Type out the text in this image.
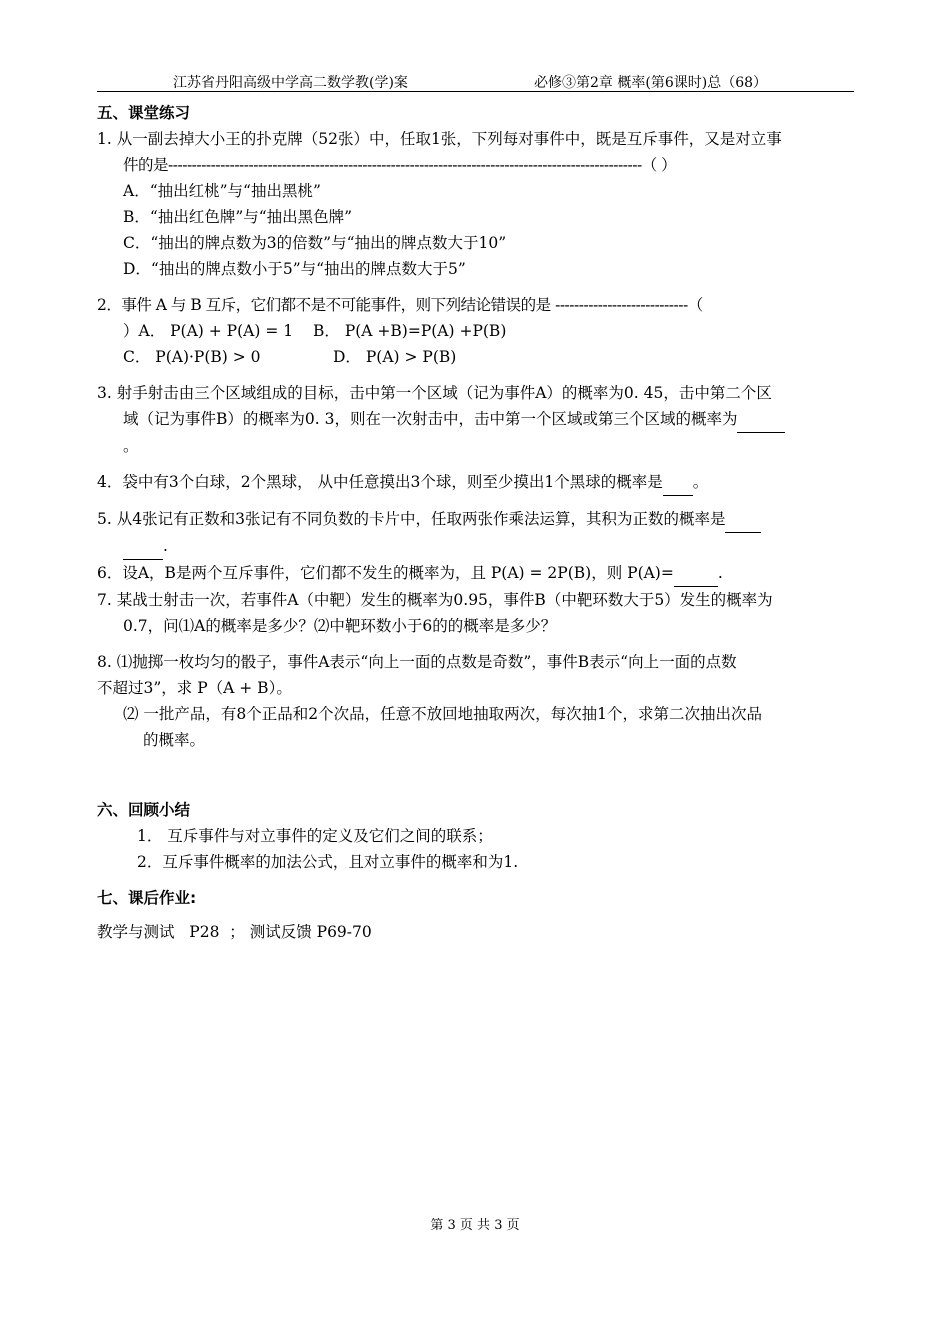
江苏省丹阳高级中学高二数学教(学)案	必修③第2章 概率(第6课时)总（68）
五、课堂练习

1. 从一副去掉大小王的扑克牌（52张）中，任取1张，下列每对事件中，既是互斥事件，又是对立事

件的是----------------------------------------------------------------------------------------------------（ ）

A．“抽出红桃”与“抽出黑桃”

B．“抽出红色牌”与“抽出黑色牌”

C．“抽出的牌点数为3的倍数”与“抽出的牌点数大于10”

D．“抽出的牌点数小于5”与“抽出的牌点数大于5”

2．事件 A 与 B 互斥，它们都不是不可能事件，则下列结论错误的是 ----------------------------（

）A． P(A) + P(A) = 1	B． P(A +B)=P(A) +P(B)
C． P(A)·P(B) > 0	D． P(A) > P(B)

3. 射手射击由三个区域组成的目标，击中第一个区域（记为事件A）的概率为0. 45，击中第二个区

域（记为事件B）的概率为0. 3，则在一次射击中，击中第一个区域或第三个区域的概率为

。

4．袋中有3个白球，2个黑球， 从中任意摸出3个球，则至少摸出1个黑球的概率是 。

5. 从4张记有正数和3张记有不同负数的卡片中，任取两张作乘法运算，其积为正数的概率是

.

6．设A，B是两个互斥事件，它们都不发生的概率为，且 P(A) = 2P(B)，则 P(A)=	.

7. 某战士射击一次，若事件A（中靶）发生的概率为0.95，事件B（中靶环数大于5）发生的概率为

0.7，问⑴A的概率是多少？⑵中靶环数小于6的的概率是多少？

8. ⑴抛掷一枚均匀的骰子，事件A表示“向上一面的点数是奇数”，事件B表示“向上一面的点数

不超过3”，求 P（A + B）。

⑵ 一批产品，有8个正品和2个次品，任意不放回地抽取两次，每次抽1个，求第二次抽出次品

的概率。

六、回顾小结

1． 互斥事件与对立事件的定义及它们之间的联系；

2．互斥事件概率的加法公式，且对立事件的概率和为1.

七、课后作业:

教学与测试   P28  ； 测试反馈 P69-70

第 3 页 共 3 页
